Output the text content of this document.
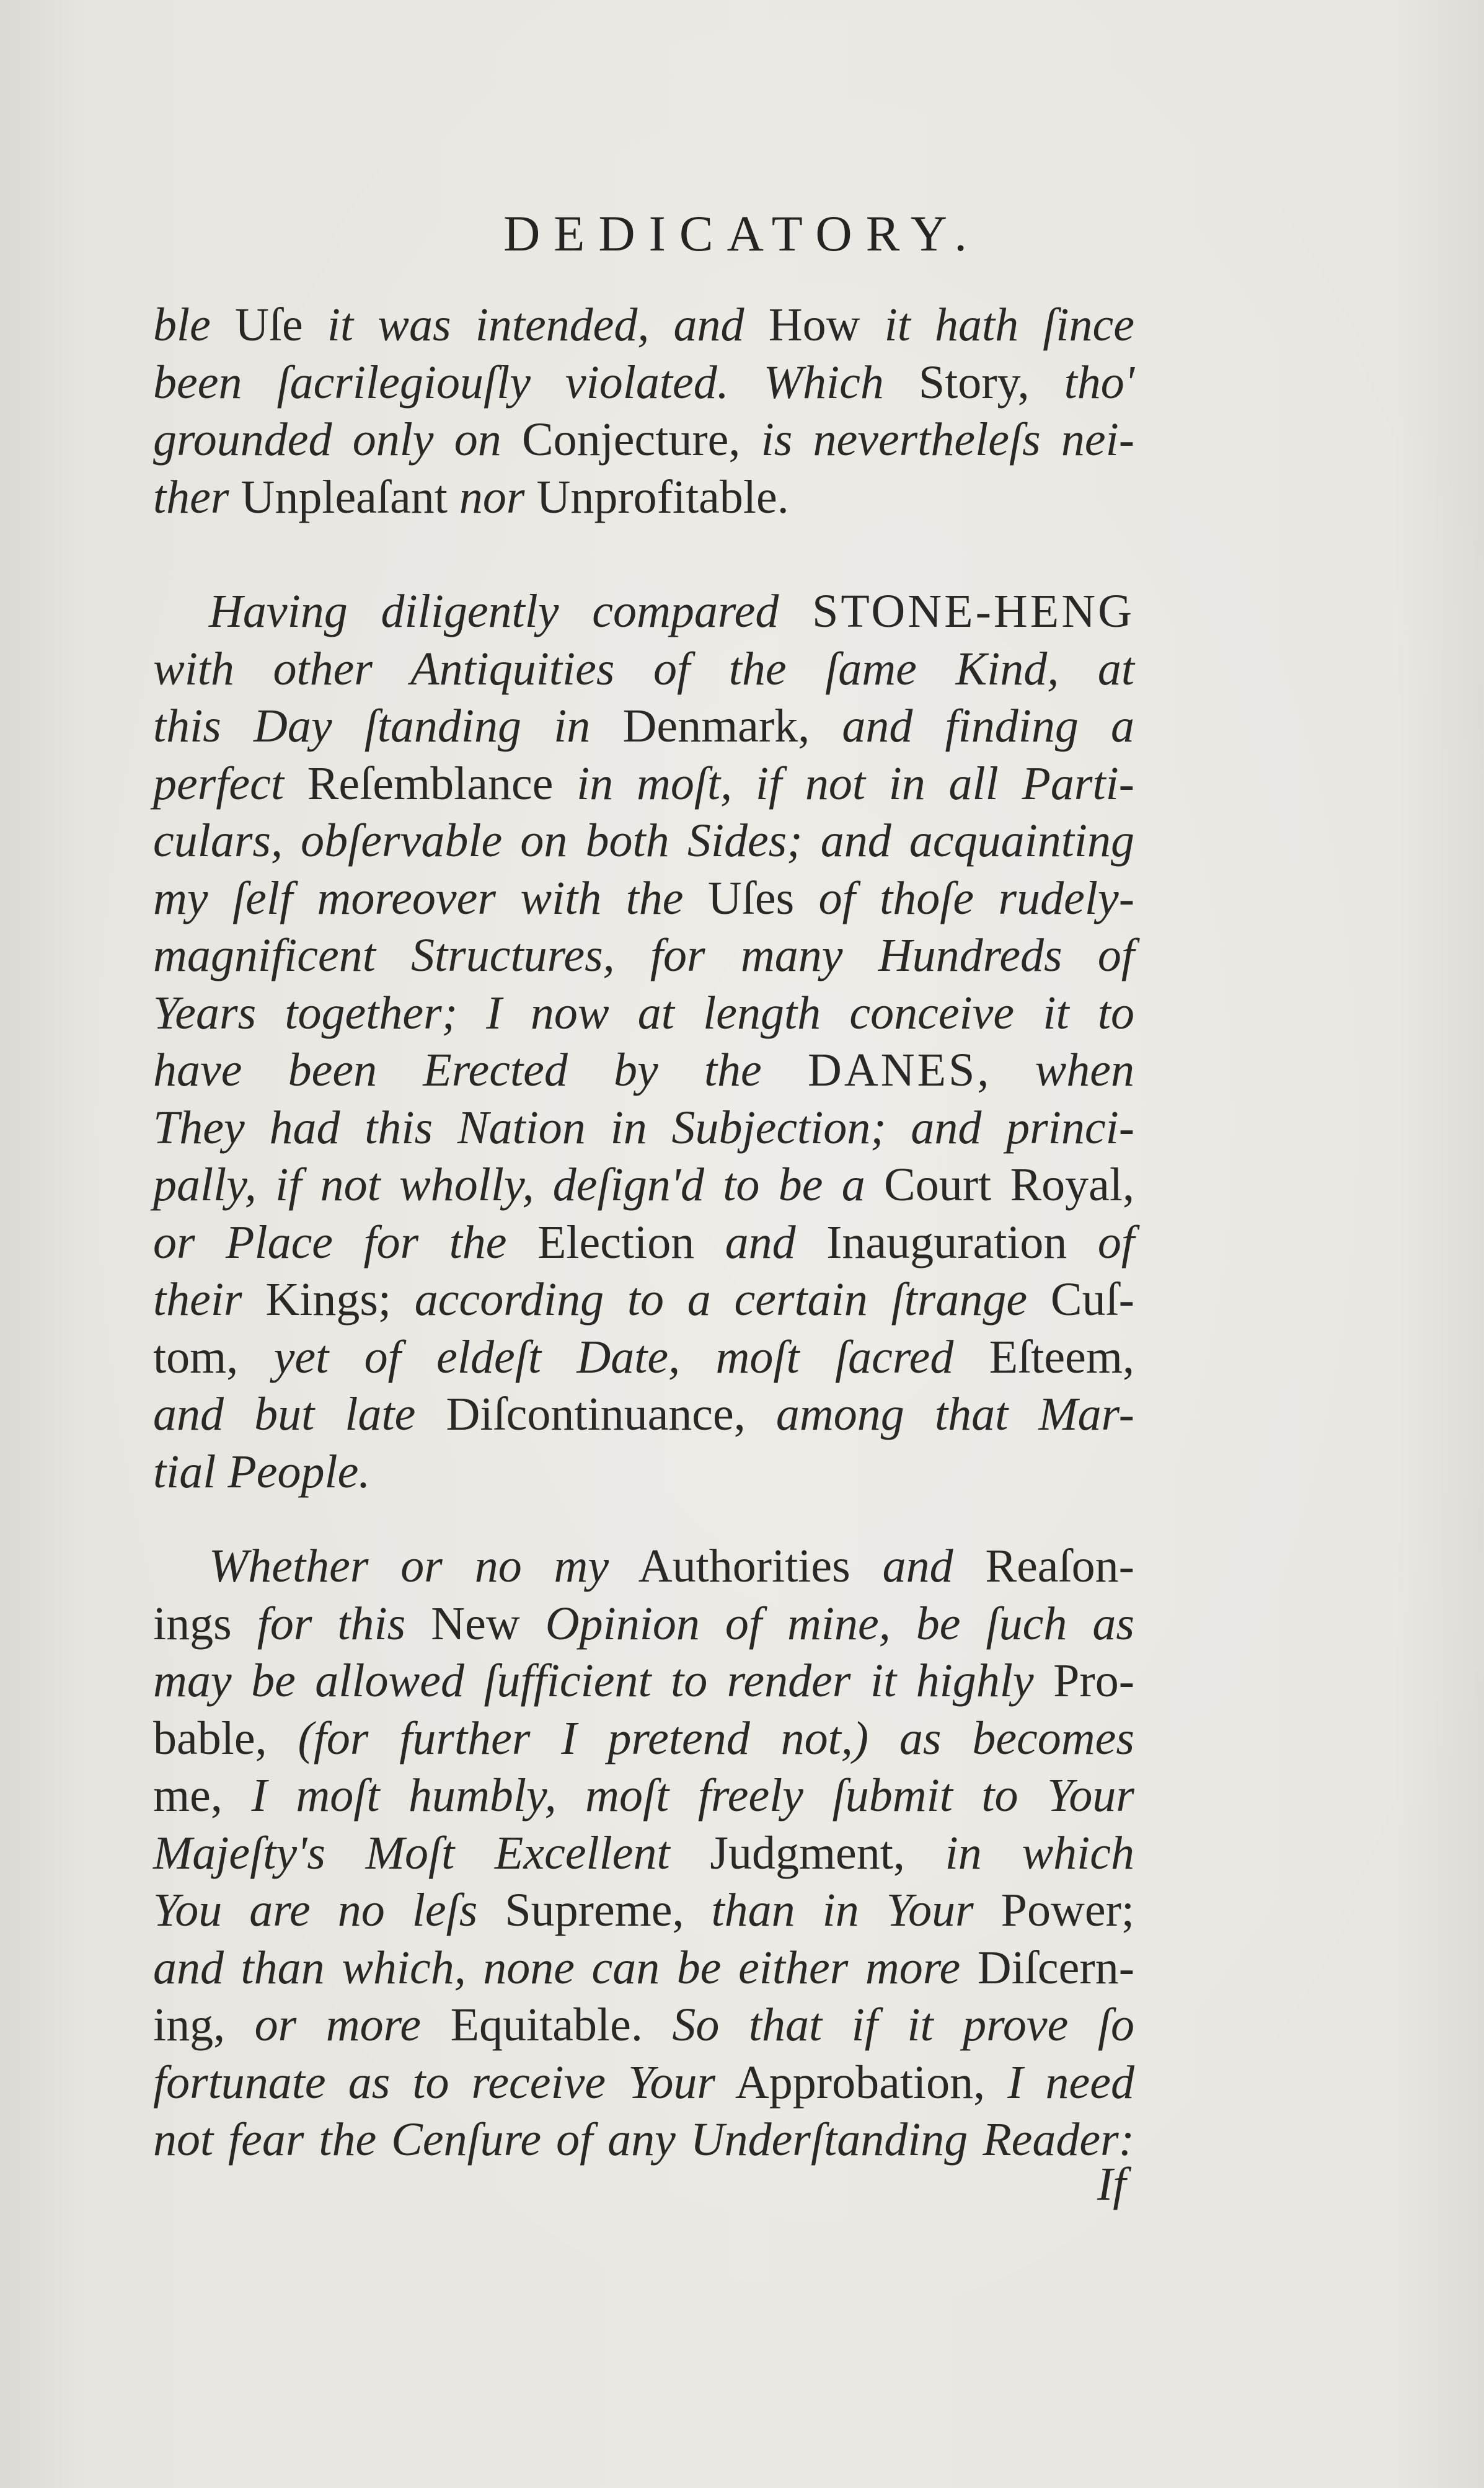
DEDICATORY.
ble Uſe it was intended, and How it hath ſince
been ſacrilegiouſly violated. Which Story, tho'
grounded only on Conjecture, is nevertheleſs nei-
ther Unpleaſant nor Unprofitable.
Having diligently compared STONE-HENG
with other Antiquities of the ſame Kind, at
this Day ſtanding in Denmark, and finding a
perfect Reſemblance in moſt, if not in all Parti-
culars, obſervable on both Sides; and acquainting
my ſelf moreover with the Uſes of thoſe rudely-
magnificent Structures, for many Hundreds of
Years together; I now at length conceive it to
have been Erected by the DANES, when
They had this Nation in Subjection; and princi-
pally, if not wholly, deſign'd to be a Court Royal,
or Place for the Election and Inauguration of
their Kings; according to a certain ſtrange Cuſ-
tom, yet of eldeſt Date, moſt ſacred Eſteem,
and but late Diſcontinuance, among that Mar-
tial People.
Whether or no my Authorities and Reaſon-
ings for this New Opinion of mine, be ſuch as
may be allowed ſufficient to render it highly Pro-
bable, (for further I pretend not,) as becomes
me, I moſt humbly, moſt freely ſubmit to Your
Majeſty's Moſt Excellent Judgment, in which
You are no leſs Supreme, than in Your Power;
and than which, none can be either more Diſcern-
ing, or more Equitable. So that if it prove ſo
fortunate as to receive Your Approbation, I need
not fear the Cenſure of any Underſtanding Reader:
If
